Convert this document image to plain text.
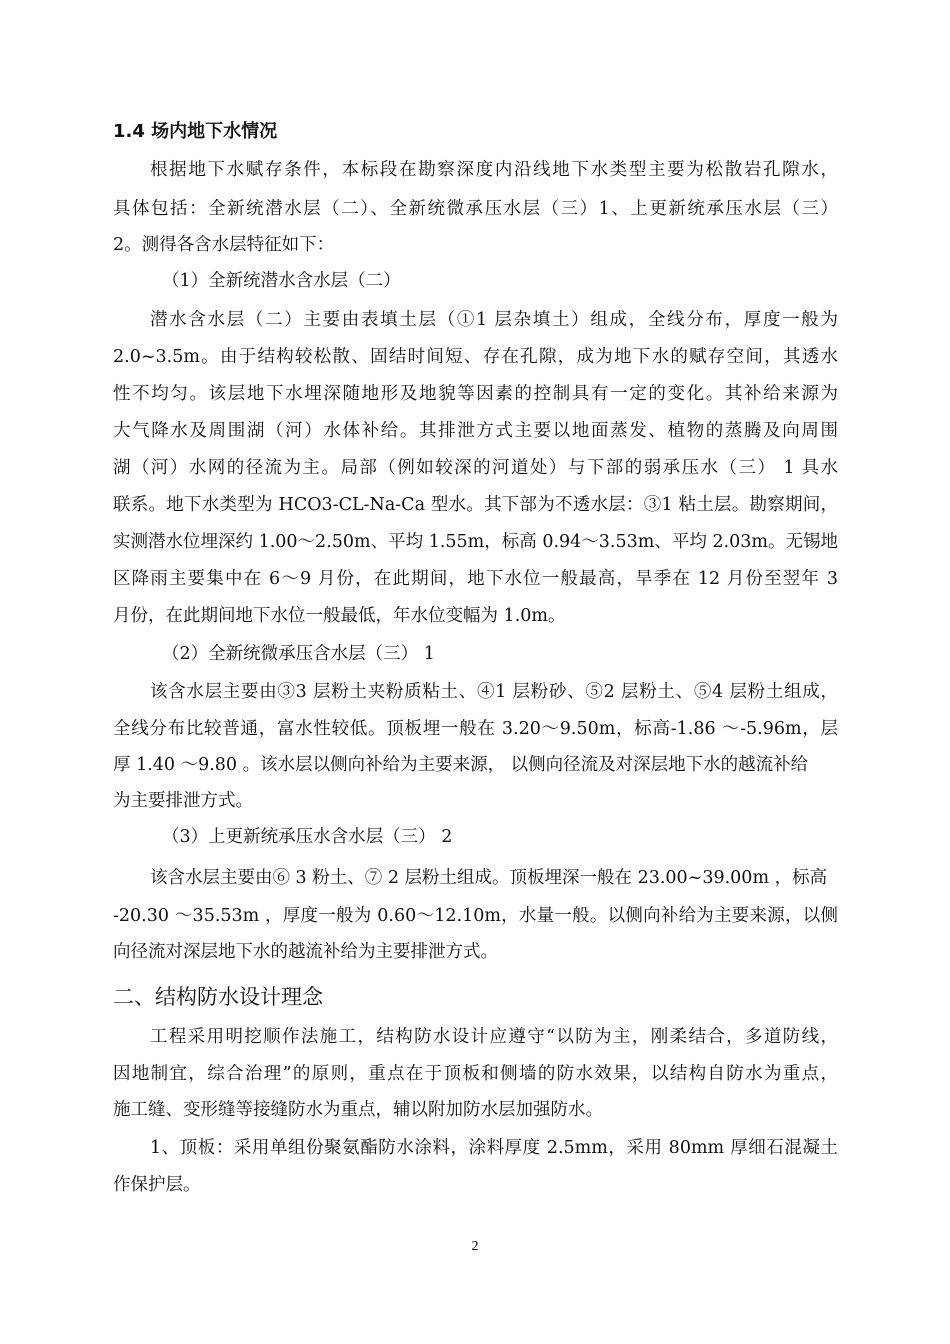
1.4 场内地下水情况
根据地下水赋存条件，本标段在勘察深度内沿线地下水类型主要为松散岩孔隙水，
具体包括：全新统潜水层（二）、全新统微承压水层（三）1、上更新统承压水层（三）
2。测得各含水层特征如下：
（1）全新统潜水含水层（二）
潜水含水层（二）主要由表填土层（①1 层杂填土）组成，全线分布，厚度一般为
2.0~3.5m。由于结构较松散、固结时间短、存在孔隙，成为地下水的赋存空间，其透水
性不均匀。该层地下水埋深随地形及地貌等因素的控制具有一定的变化。其补给来源为
大气降水及周围湖（河）水体补给。其排泄方式主要以地面蒸发、植物的蒸腾及向周围
湖（河）水网的径流为主。局部（例如较深的河道处）与下部的弱承压水（三） 1 具水
联系。地下水类型为 HCO3-CL-Na-Ca 型水。其下部为不透水层：③1 粘土层。勘察期间，
实测潜水位埋深约 1.00～2.50m、平均 1.55m，标高 0.94～3.53m、平均 2.03m。无锡地
区降雨主要集中在 6～9 月份，在此期间，地下水位一般最高，旱季在 12 月份至翌年 3
月份，在此期间地下水位一般最低，年水位变幅为 1.0m。
（2）全新统微承压含水层（三） 1
该含水层主要由③3 层粉土夹粉质粘土、④1 层粉砂、⑤2 层粉土、⑤4 层粉土组成，
全线分布比较普通，富水性较低。顶板埋一般在 3.20～9.50m，标高-1.86 ～-5.96m，层
厚 1.40 ～9.80 。该水层以侧向补给为主要来源， 以侧向径流及对深层地下水的越流补给
为主要排泄方式。
（3）上更新统承压水含水层（三） 2
该含水层主要由⑥ 3 粉土、⑦ 2 层粉土组成。顶板埋深一般在 23.00~39.00m ，标高
-20.30 ～35.53m ，厚度一般为 0.60～12.10m，水量一般。以侧向补给为主要来源，以侧
向径流对深层地下水的越流补给为主要排泄方式。
二、结构防水设计理念
工程采用明挖顺作法施工，结构防水设计应遵守“以防为主，刚柔结合，多道防线，
因地制宜，综合治理”的原则，重点在于顶板和侧墙的防水效果，以结构自防水为重点，
施工缝、变形缝等接缝防水为重点，辅以附加防水层加强防水。
1、顶板：采用单组份聚氨酯防水涂料，涂料厚度 2.5mm，采用 80mm 厚细石混凝土
作保护层。
2
